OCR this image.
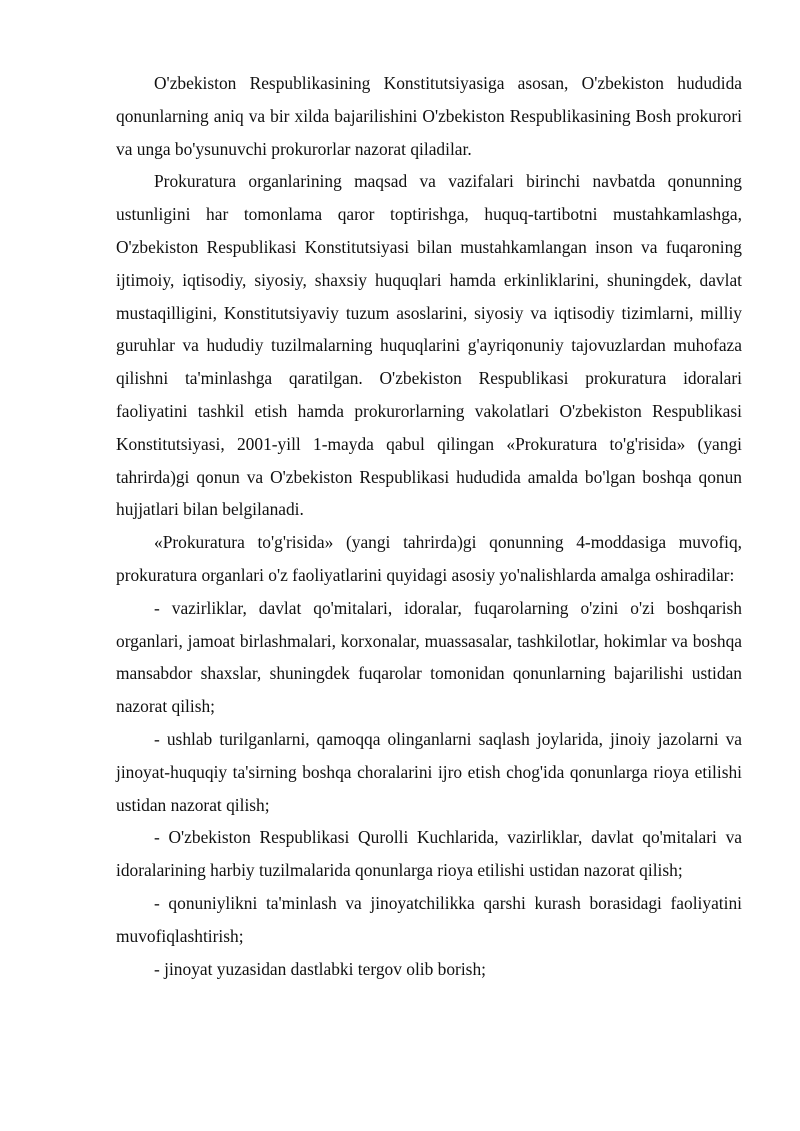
O'zbekiston Respublikasining Konstitutsiyasiga asosan, O'zbekiston hududida qonunlarning aniq va bir xilda bajarilishini O'zbekiston Respublikasining Bosh prokurori va unga bo'ysunuvchi prokurorlar nazorat qiladilar.

Prokuratura organlarining maqsad va vazifalari birinchi navbatda qonunning ustunligini har tomonlama qaror toptirishga, huquq-tartibotni mustahkamlashga, O'zbekiston Respublikasi Konstitutsiyasi bilan mustahkamlangan inson va fuqaroning ijtimoiy, iqtisodiy, siyosiy, shaxsiy huquqlari hamda erkinliklarini, shuningdek, davlat mustaqilligini, Konstitutsiyaviy tuzum asoslarini, siyosiy va iqtisodiy tizimlarni, milliy guruhlar va hududiy tuzilmalarning huquqlarini g'ayriqonuniy tajovuzlardan muhofaza qilishni ta'minlashga qaratilgan. O'zbekiston Respublikasi prokuratura idoralari faoliyatini tashkil etish hamda prokurorlarning vakolatlari O'zbekiston Respublikasi Konstitutsiyasi, 2001-yill 1-mayda qabul qilingan «Prokuratura to'g'risida» (yangi tahrirda)gi qonun va O'zbekiston Respublikasi hududida amalda bo'lgan boshqa qonun hujjatlari bilan belgilanadi.

«Prokuratura to'g'risida» (yangi tahrirda)gi qonunning 4-moddasiga muvofiq, prokuratura organlari o'z faoliyatlarini quyidagi asosiy yo'nalishlarda amalga oshiradilar:

- vazirliklar, davlat qo'mitalari, idoralar, fuqarolarning o'zini o'zi boshqarish organlari, jamoat birlashmalari, korxonalar, muassasalar, tashkilotlar, hokimlar va boshqa mansabdor shaxslar, shuningdek fuqarolar tomonidan qonunlarning bajarilishi ustidan nazorat qilish;

- ushlab turilganlarni, qamoqqa olinganlarni saqlash joylarida, jinoiy jazolarni va jinoyat-huquqiy ta'sirning boshqa choralarini ijro etish chog'ida qonunlarga rioya etilishi ustidan nazorat qilish;

- O'zbekiston Respublikasi Qurolli Kuchlarida, vazirliklar, davlat qo'mitalari va idoralarining harbiy tuzilmalarida qonunlarga rioya etilishi ustidan nazorat qilish;

- qonuniylikni ta'minlash va jinoyatchilikka qarshi kurash borasidagi faoliyatini muvofiqlashtirish;

- jinoyat yuzasidan dastlabki tergov olib borish;
